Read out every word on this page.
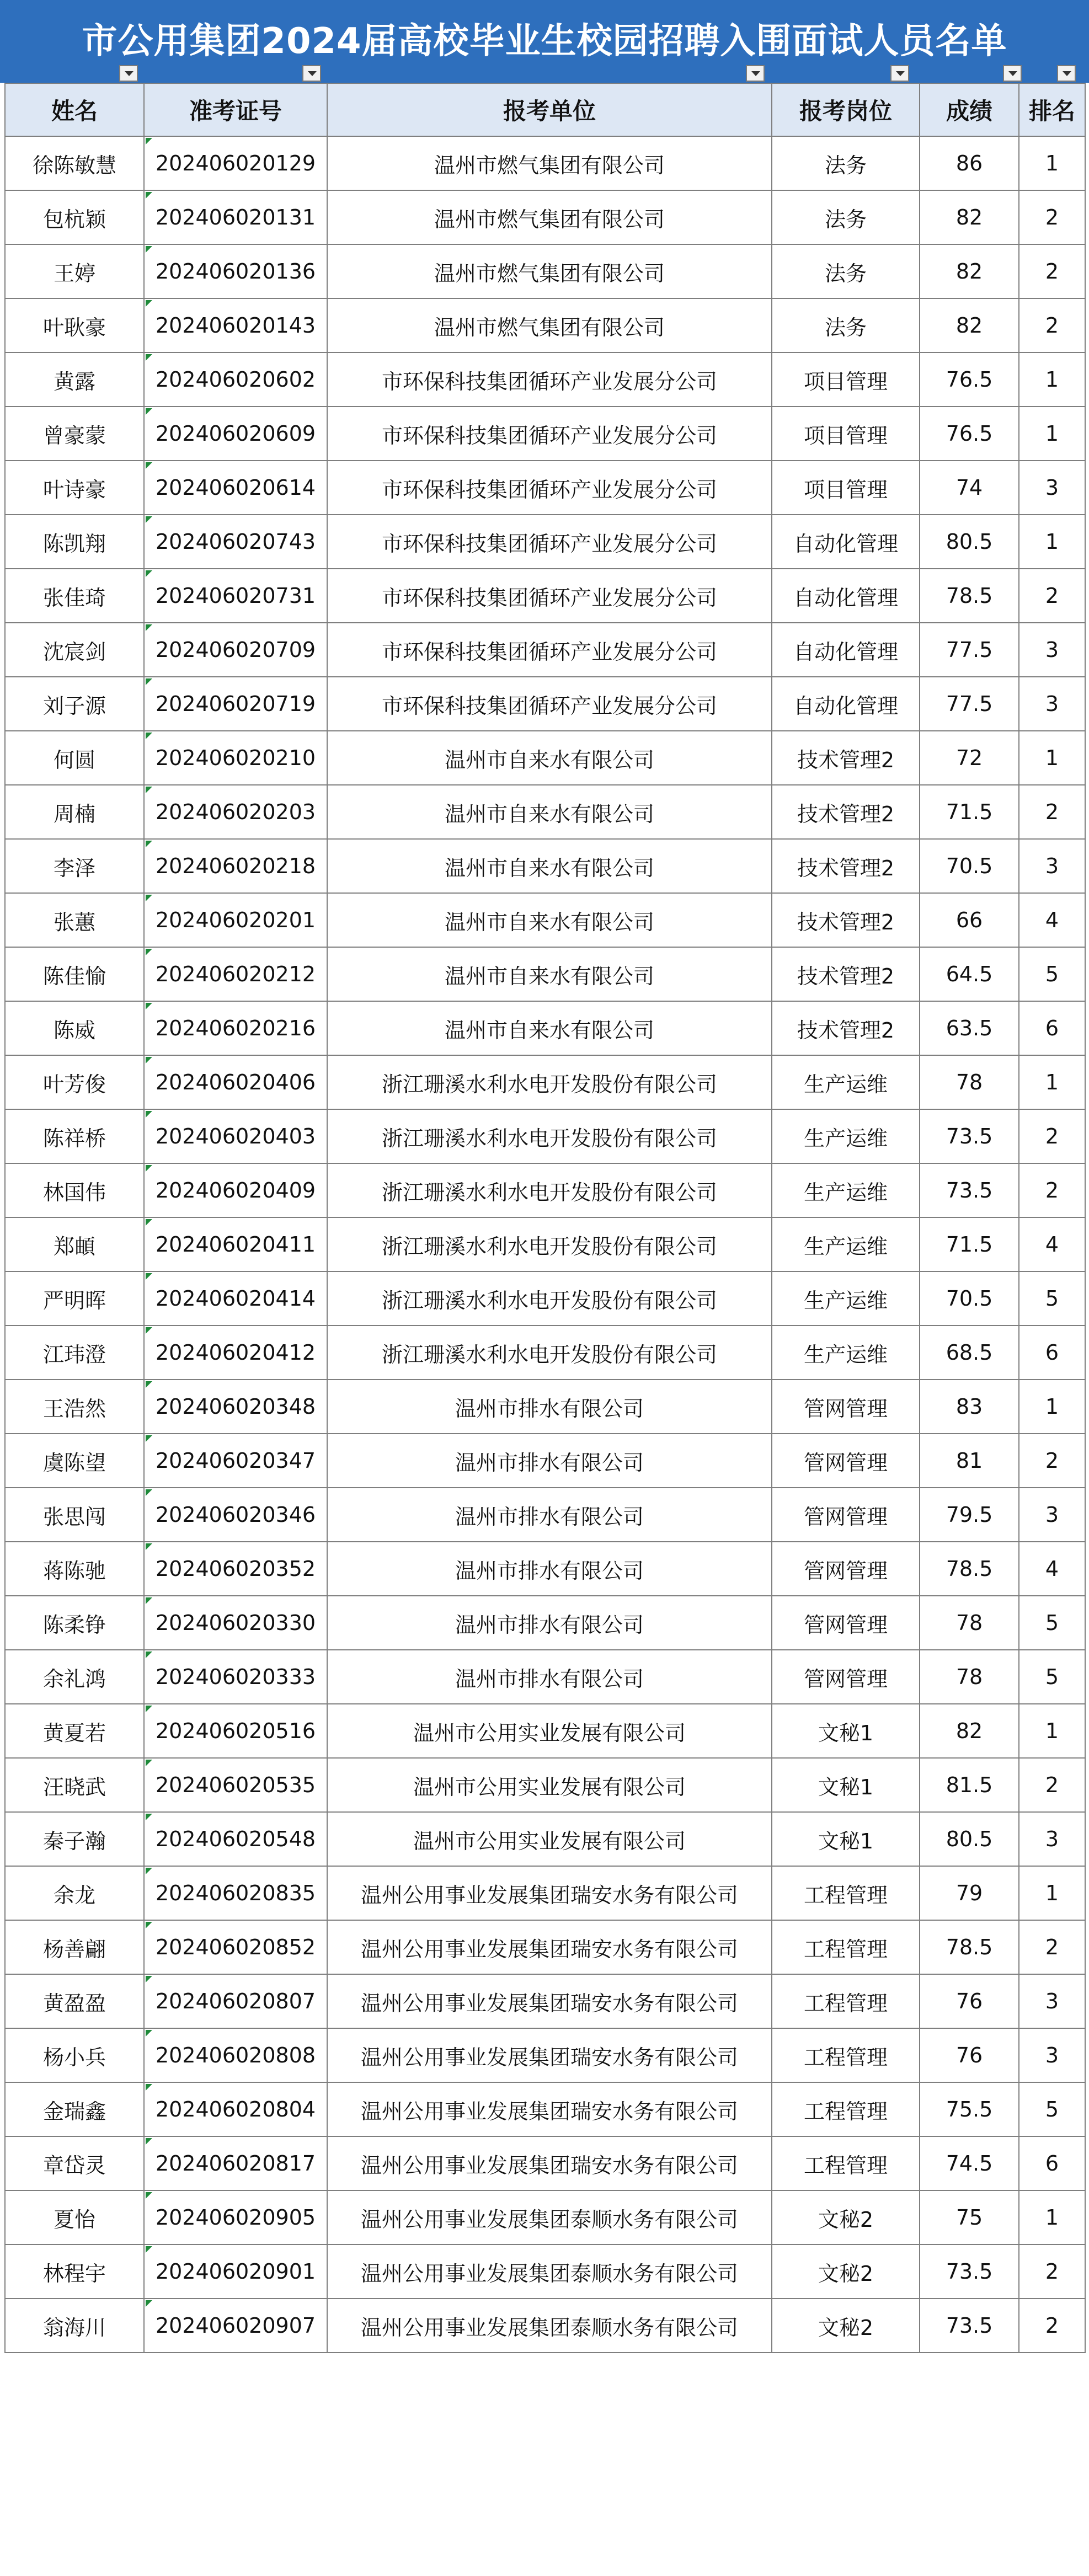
市公用集团2024届高校毕业生校园招聘入围面试人员名单
姓名	准考证号	报考单位	报考岗位	成绩	排名
徐陈敏慧	202406020129	温州市燃气集团有限公司	法务	86	1
包杭颖	202406020131	温州市燃气集团有限公司	法务	82	2
王婷	202406020136	温州市燃气集团有限公司	法务	82	2
叶耿豪	202406020143	温州市燃气集团有限公司	法务	82	2
黄露	202406020602	市环保科技集团循环产业发展分公司	项目管理	76.5	1
曾豪蒙	202406020609	市环保科技集团循环产业发展分公司	项目管理	76.5	1
叶诗豪	202406020614	市环保科技集团循环产业发展分公司	项目管理	74	3
陈凯翔	202406020743	市环保科技集团循环产业发展分公司	自动化管理	80.5	1
张佳琦	202406020731	市环保科技集团循环产业发展分公司	自动化管理	78.5	2
沈宸剑	202406020709	市环保科技集团循环产业发展分公司	自动化管理	77.5	3
刘子源	202406020719	市环保科技集团循环产业发展分公司	自动化管理	77.5	3
何圆	202406020210	温州市自来水有限公司	技术管理2	72	1
周楠	202406020203	温州市自来水有限公司	技术管理2	71.5	2
李泽	202406020218	温州市自来水有限公司	技术管理2	70.5	3
张蕙	202406020201	温州市自来水有限公司	技术管理2	66	4
陈佳愉	202406020212	温州市自来水有限公司	技术管理2	64.5	5
陈威	202406020216	温州市自来水有限公司	技术管理2	63.5	6
叶芳俊	202406020406	浙江珊溪水利水电开发股份有限公司	生产运维	78	1
陈祥桥	202406020403	浙江珊溪水利水电开发股份有限公司	生产运维	73.5	2
林国伟	202406020409	浙江珊溪水利水电开发股份有限公司	生产运维	73.5	2
郑頔	202406020411	浙江珊溪水利水电开发股份有限公司	生产运维	71.5	4
严明晖	202406020414	浙江珊溪水利水电开发股份有限公司	生产运维	70.5	5
江玮澄	202406020412	浙江珊溪水利水电开发股份有限公司	生产运维	68.5	6
王浩然	202406020348	温州市排水有限公司	管网管理	83	1
虞陈望	202406020347	温州市排水有限公司	管网管理	81	2
张思闯	202406020346	温州市排水有限公司	管网管理	79.5	3
蒋陈驰	202406020352	温州市排水有限公司	管网管理	78.5	4
陈柔铮	202406020330	温州市排水有限公司	管网管理	78	5
余礼鸿	202406020333	温州市排水有限公司	管网管理	78	5
黄夏若	202406020516	温州市公用实业发展有限公司	文秘1	82	1
汪晓武	202406020535	温州市公用实业发展有限公司	文秘1	81.5	2
秦子瀚	202406020548	温州市公用实业发展有限公司	文秘1	80.5	3
余龙	202406020835	温州公用事业发展集团瑞安水务有限公司	工程管理	79	1
杨善翩	202406020852	温州公用事业发展集团瑞安水务有限公司	工程管理	78.5	2
黄盈盈	202406020807	温州公用事业发展集团瑞安水务有限公司	工程管理	76	3
杨小兵	202406020808	温州公用事业发展集团瑞安水务有限公司	工程管理	76	3
金瑞鑫	202406020804	温州公用事业发展集团瑞安水务有限公司	工程管理	75.5	5
章岱灵	202406020817	温州公用事业发展集团瑞安水务有限公司	工程管理	74.5	6
夏怡	202406020905	温州公用事业发展集团泰顺水务有限公司	文秘2	75	1
林程宇	202406020901	温州公用事业发展集团泰顺水务有限公司	文秘2	73.5	2
翁海川	202406020907	温州公用事业发展集团泰顺水务有限公司	文秘2	73.5	2
